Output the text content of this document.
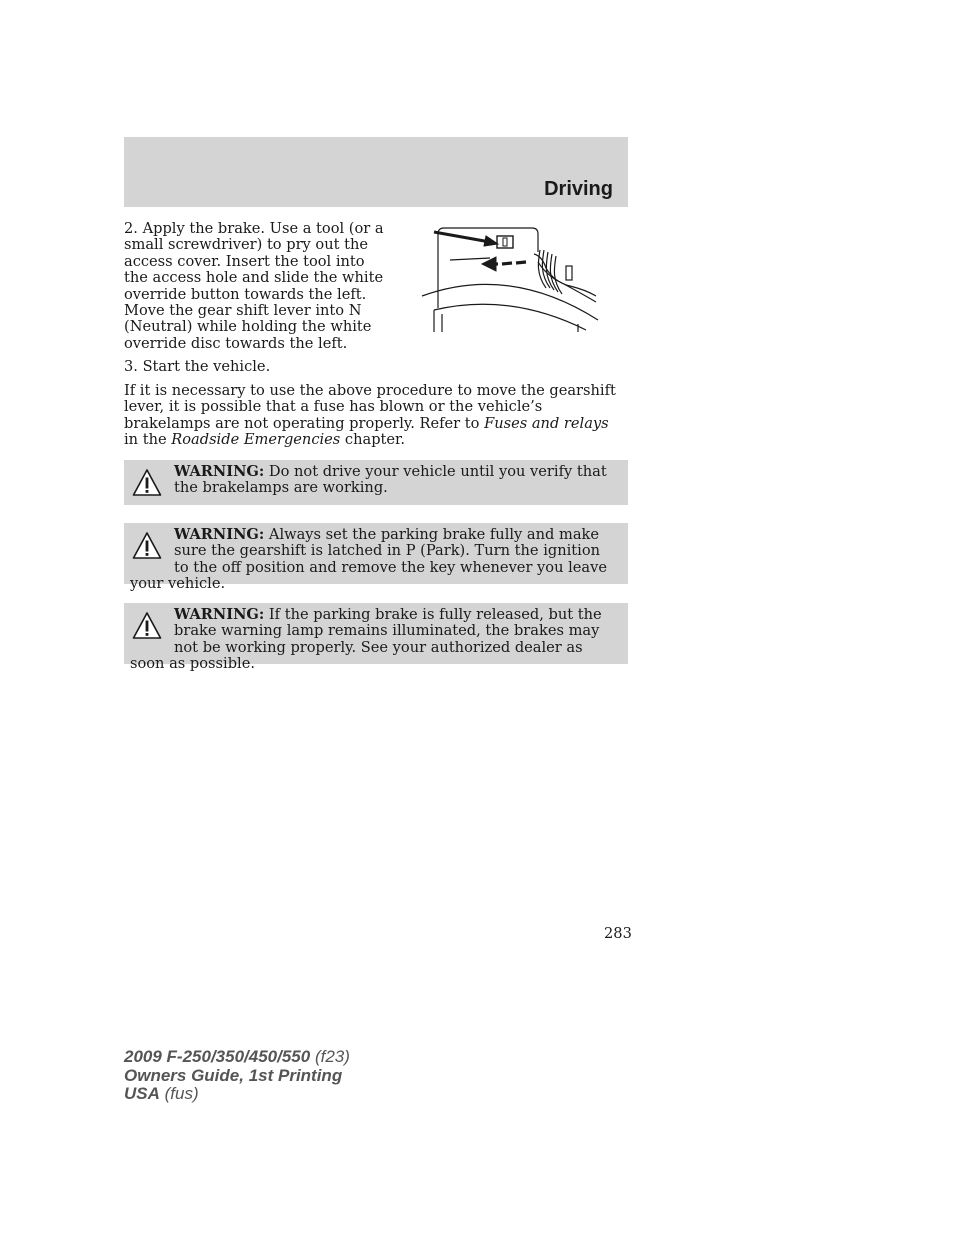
Driving
2. Apply the brake. Use a tool (or a small screwdriver) to pry out the access cover. Insert the tool into the access hole and slide the white override button towards the left. Move the gear shift lever into N (Neutral) while holding the white override disc towards the left.
3. Start the vehicle.
If it is necessary to use the above procedure to move the gearshift lever, it is possible that a fuse has blown or the vehicle’s brakelamps are not operating properly. Refer to Fuses and relays in the Roadside Emergencies chapter.
WARNING: Do not drive your vehicle until you verify that the brakelamps are working.
WARNING: Always set the parking brake fully and make sure the gearshift is latched in P (Park). Turn the ignition to the off position and remove the key whenever you leave your vehicle.
WARNING: If the parking brake is fully released, but the brake warning lamp remains illuminated, the brakes may not be working properly. See your authorized dealer as soon as possible.
283
2009 F-250/350/450/550 (f23)
Owners Guide, 1st Printing
USA (fus)
